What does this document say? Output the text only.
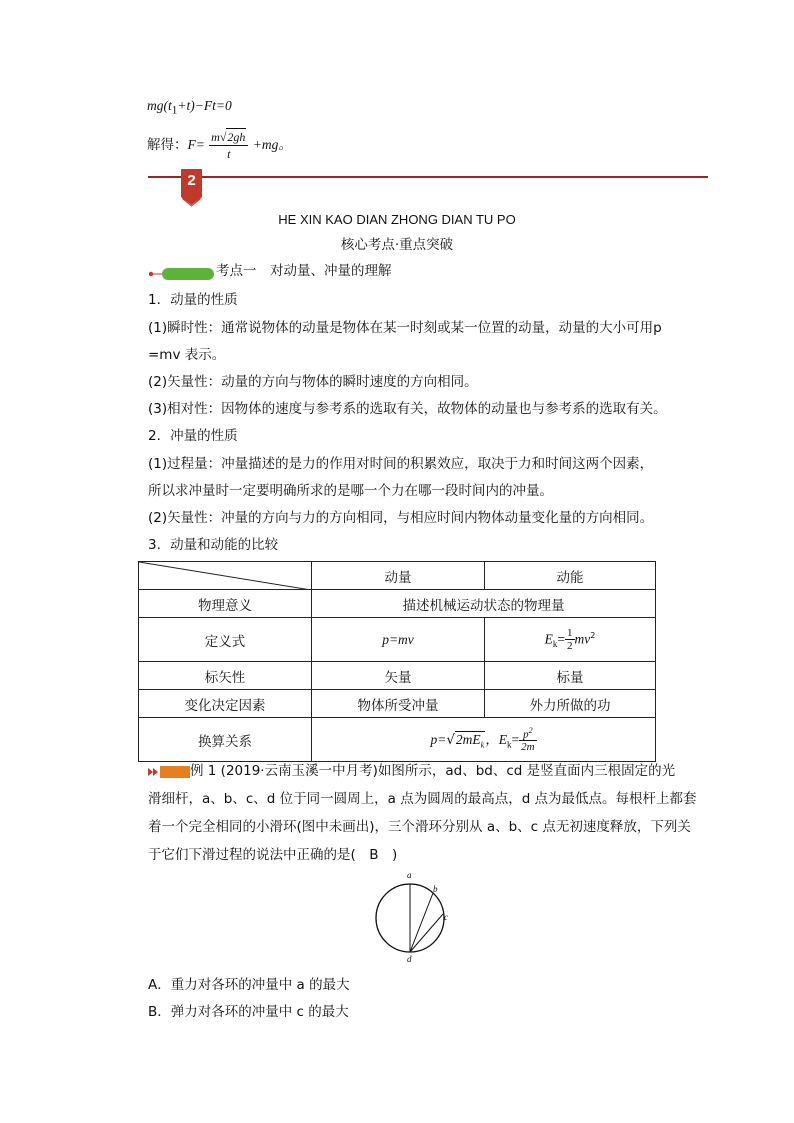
$mg(t_1+t)-Ft=0$
解得：$F= \frac{m√2gh}{t} +mg$。
2
HE XIN KAO DIAN ZHONG DIAN TU PO
核心考点·重点突破
考点一　对动量、冲量的理解
1．动量的性质
(1)瞬时性：通常说物体的动量是物体在某一时刻或某一位置的动量，动量的大小可用p
=mv 表示。
(2)矢量性：动量的方向与物体的瞬时速度的方向相同。
(3)相对性：因物体的速度与参考系的选取有关，故物体的动量也与参考系的选取有关。
2．冲量的性质
(1)过程量：冲量描述的是力的作用对时间的积累效应，取决于力和时间这两个因素，
所以求冲量时一定要明确所求的是哪一个力在哪一段时间内的冲量。
(2)矢量性：冲量的方向与力的方向相同，与相应时间内物体动量变化量的方向相同。
3．动量和动能的比较
	动量	动能
物理意义	描述机械运动状态的物理量	
定义式	p=mv	$E_k= \frac{1}{2} mv^2$
标矢性	矢量	标量
变化决定因素	物体所受冲量	外力所做的功
换算关系	$p=√2mE_k$，$E_k= \frac{p^2}{2m}$
例 1 (2019·云南玉溪一中月考)如图所示，ad、bd、cd 是竖直面内三根固定的光
滑细杆，a、b、c、d 位于同一圆周上，a 点为圆周的最高点，d 点为最低点。每根杆上都套
着一个完全相同的小滑环(图中未画出)，三个滑环分别从 a、b、c 点无初速度释放，下列关
于它们下滑过程的说法中正确的是(　B　)
a
b
c
d
A．重力对各环的冲量中 a 的最大
B．弹力对各环的冲量中 c 的最大
